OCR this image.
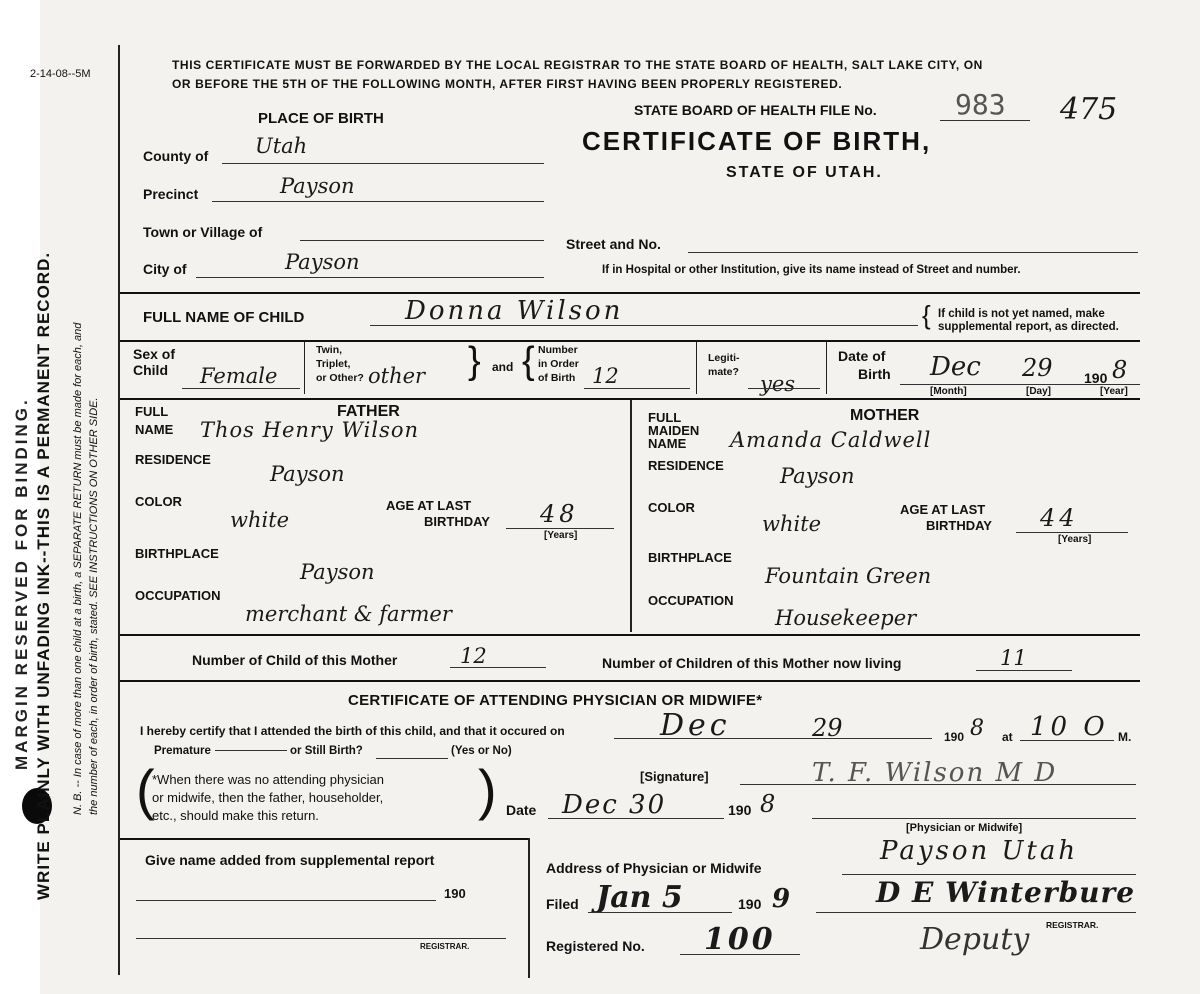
2-14-08--5M
WRITE PLAINLY WITH UNFADING INK--THIS IS A PERMANENT RECORD.
MARGIN RESERVED FOR BINDING.	N. B. -- In case of more than one child at a birth, a SEPARATE RETURN must be made for each, and the number of each, in order of birth, stated. SEE INSTRUCTIONS ON OTHER SIDE.
THIS CERTIFICATE MUST BE FORWARDED BY THE LOCAL REGISTRAR TO THE STATE BOARD OF HEALTH, SALT LAKE CITY, ON
OR BEFORE THE 5TH OF THE FOLLOWING MONTH, AFTER FIRST HAVING BEEN PROPERLY REGISTERED.
STATE BOARD OF HEALTH FILE No.	983 475
CERTIFICATE OF BIRTH,
STATE OF UTAH.
PLACE OF BIRTH
County of Utah
Precinct	Payson
Town or Village of
Street and No.
City of	Payson	If in Hospital or other Institution, give its name instead of Street and number.
FULL NAME OF CHILD	Donna Wilson	{ If child is not yet named, make
supplemental report, as directed.
Sex of
Child Female
Twin,
Triplet,
or Other? other } and { Number
in Order
of Birth 12
Legiti-
mate? yes
Date of
Birth Dec 29 190 8
[Month]	[Day]	[Year]
FULL	FATHER
NAME Thos Henry Wilson
RESIDENCE
Payson
COLOR
white
AGE AT LAST
BIRTHDAY 48
[Years]
BIRTHPLACE
Payson
OCCUPATION
merchant & farmer
FULL	MOTHER
MAIDEN
NAME Amanda Caldwell
RESIDENCE	Payson
COLOR
white
AGE AT LAST
BIRTHDAY 44
[Years]
BIRTHPLACE
Fountain Green
OCCUPATION
Housekeeper
Number of Child of this Mother	12	Number of Children of this Mother now living	11
CERTIFICATE OF ATTENDING PHYSICIAN OR MIDWIFE*
I hereby certify that I attended the birth of this child, and that it occured on	Dec	29	190 8 at 10 O M.
Premature	or Still Birth?	(Yes or No)
(
*When there was no attending physician
or midwife, then the father, householder,
etc., should make this return.	)	[Signature]	T. F. Wilson M D
Date Dec 30	190 8
[Physician or Midwife]
Give name added from supplemental report
190
REGISTRAR.
Address of Physician or Midwife
Payson Utah
Filed Jan 5	190 9	D E Winterbure
REGISTRAR.
Deputy
Registered No. 100
